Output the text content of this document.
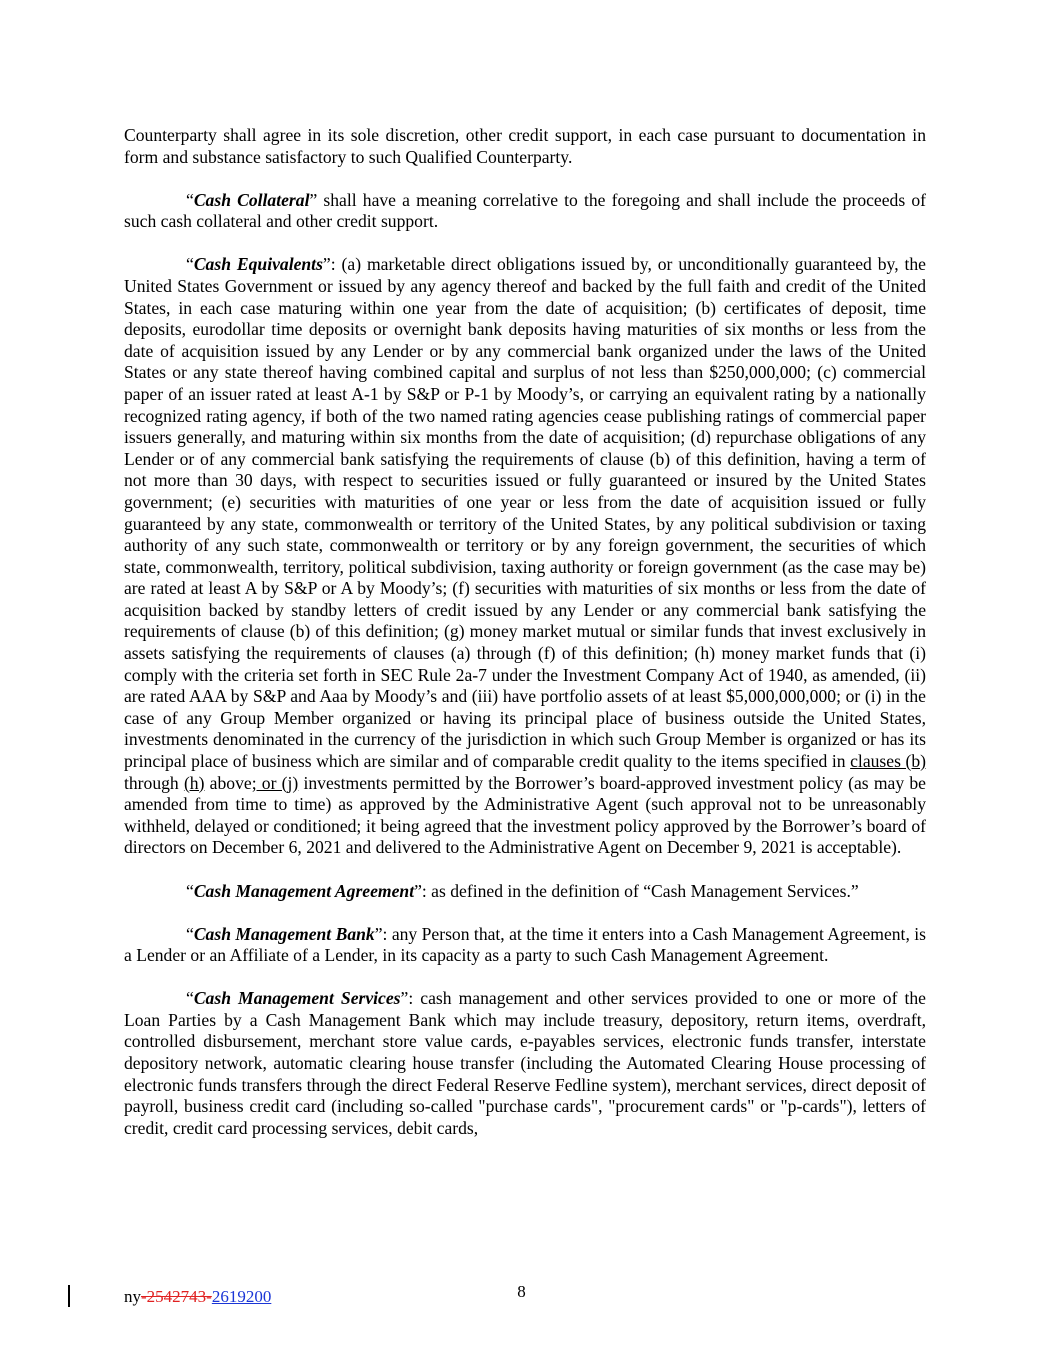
Counterparty shall agree in its sole discretion, other credit support, in each case pursuant to documentation in form and substance satisfactory to such Qualified Counterparty.

“Cash Collateral” shall have a meaning correlative to the foregoing and shall include the proceeds of such cash collateral and other credit support.

“Cash Equivalents”: (a) marketable direct obligations issued by, or unconditionally guaranteed by, the United States Government or issued by any agency thereof and backed by the full faith and credit of the United States, in each case maturing within one year from the date of acquisition; (b) certificates of deposit, time deposits, eurodollar time deposits or overnight bank deposits having maturities of six months or less from the date of acquisition issued by any Lender or by any commercial bank organized under the laws of the United States or any state thereof having combined capital and surplus of not less than $250,000,000; (c) commercial paper of an issuer rated at least A-1 by S&P or P-1 by Moody’s, or carrying an equivalent rating by a nationally recognized rating agency, if both of the two named rating agencies cease publishing ratings of commercial paper issuers generally, and maturing within six months from the date of acquisition; (d) repurchase obligations of any Lender or of any commercial bank satisfying the requirements of clause (b) of this definition, having a term of not more than 30 days, with respect to securities issued or fully guaranteed or insured by the United States government; (e) securities with maturities of one year or less from the date of acquisition issued or fully guaranteed by any state, commonwealth or territory of the United States, by any political subdivision or taxing authority of any such state, commonwealth or territory or by any foreign government, the securities of which state, commonwealth, territory, political subdivision, taxing authority or foreign government (as the case may be) are rated at least A by S&P or A by Moody’s; (f) securities with maturities of six months or less from the date of acquisition backed by standby letters of credit issued by any Lender or any commercial bank satisfying the requirements of clause (b) of this definition; (g) money market mutual or similar funds that invest exclusively in assets satisfying the requirements of clauses (a) through (f) of this definition; (h) money market funds that (i) comply with the criteria set forth in SEC Rule 2a-7 under the Investment Company Act of 1940, as amended, (ii) are rated AAA by S&P and Aaa by Moody’s and (iii) have portfolio assets of at least $5,000,000,000; or (i) in the case of any Group Member organized or having its principal place of business outside the United States, investments denominated in the currency of the jurisdiction in which such Group Member is organized or has its principal place of business which are similar and of comparable credit quality to the items specified in clauses (b) through (h) above; or (j) investments permitted by the Borrower’s board-approved investment policy (as may be amended from time to time) as approved by the Administrative Agent (such approval not to be unreasonably withheld, delayed or conditioned; it being agreed that the investment policy approved by the Borrower’s board of directors on December 6, 2021 and delivered to the Administrative Agent on December 9, 2021 is acceptable).

“Cash Management Agreement”: as defined in the definition of “Cash Management Services.”

“Cash Management Bank”: any Person that, at the time it enters into a Cash Management Agreement, is a Lender or an Affiliate of a Lender, in its capacity as a party to such Cash Management Agreement.

“Cash Management Services”: cash management and other services provided to one or more of the Loan Parties by a Cash Management Bank which may include treasury, depository, return items, overdraft, controlled disbursement, merchant store value cards, e-payables services, electronic funds transfer, interstate depository network, automatic clearing house transfer (including the Automated Clearing House processing of electronic funds transfers through the direct Federal Reserve Fedline system), merchant services, direct deposit of payroll, business credit card (including so-called "purchase cards", "procurement cards" or "p-cards"), letters of credit, credit card processing services, debit cards,

ny-2542743-2619200	8
